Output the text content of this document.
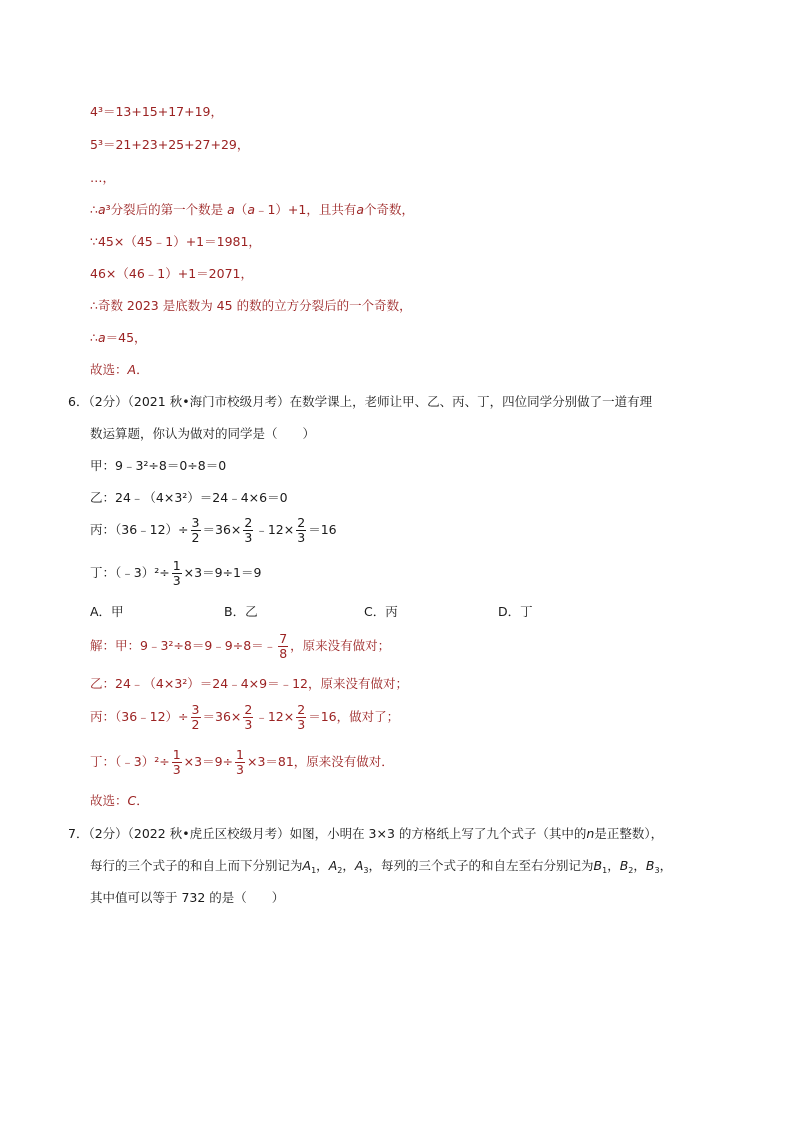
4³＝13+15+17+19，
5³＝21+23+25+27+29，
…，
∴a³分裂后的第一个数是 a（a﹣1）+1，且共有a个奇数，
∵45×（45﹣1）+1＝1981，
46×（46﹣1）+1＝2071，
∴奇数 2023 是底数为 45 的数的立方分裂后的一个奇数，
∴a＝45，
故选：A．
6．（2分）（2021 秋•海门市校级月考）在数学课上，老师让甲、乙、丙、丁，四位同学分别做了一道有理
数运算题，你认为做对的同学是（　　）
甲：9﹣3²÷8＝0÷8＝0
乙：24﹣（4×3²）＝24﹣4×6＝0
丙：（36﹣12）÷ $\frac{3}{2} =36\times \frac{2}{3}$ ﹣12× $\frac{2}{3} =16$
丁：（﹣3）²÷ $\frac{1}{3} \times 3=9\div 1=9$
A．甲	B．乙	C．丙	D．丁
解：甲：9﹣3²÷8＝9﹣9÷8＝﹣ $\frac{7}{8}$ ，原来没有做对；
乙：24﹣（4×3²）＝24﹣4×9＝﹣12，原来没有做对；
丙：（36﹣12）÷ $\frac{3}{2} =36\times \frac{2}{3}$ ﹣12× $\frac{2}{3} =16$，做对了；
丁：（﹣3）²÷ $\frac{1}{3} \times 3=9\div \frac{1}{3} \times 3=81$，原来没有做对．
故选：C．
7．（2分）（2022 秋•虎丘区校级月考）如图，小明在 3×3 的方格纸上写了九个式子（其中的n是正整数），
每行的三个式子的和自上而下分别记为$A_1$，$A_2$，$A_3$，每列的三个式子的和自左至右分别记为$B_1$，$B_2$，$B_3$，
其中值可以等于 732 的是（　　）
